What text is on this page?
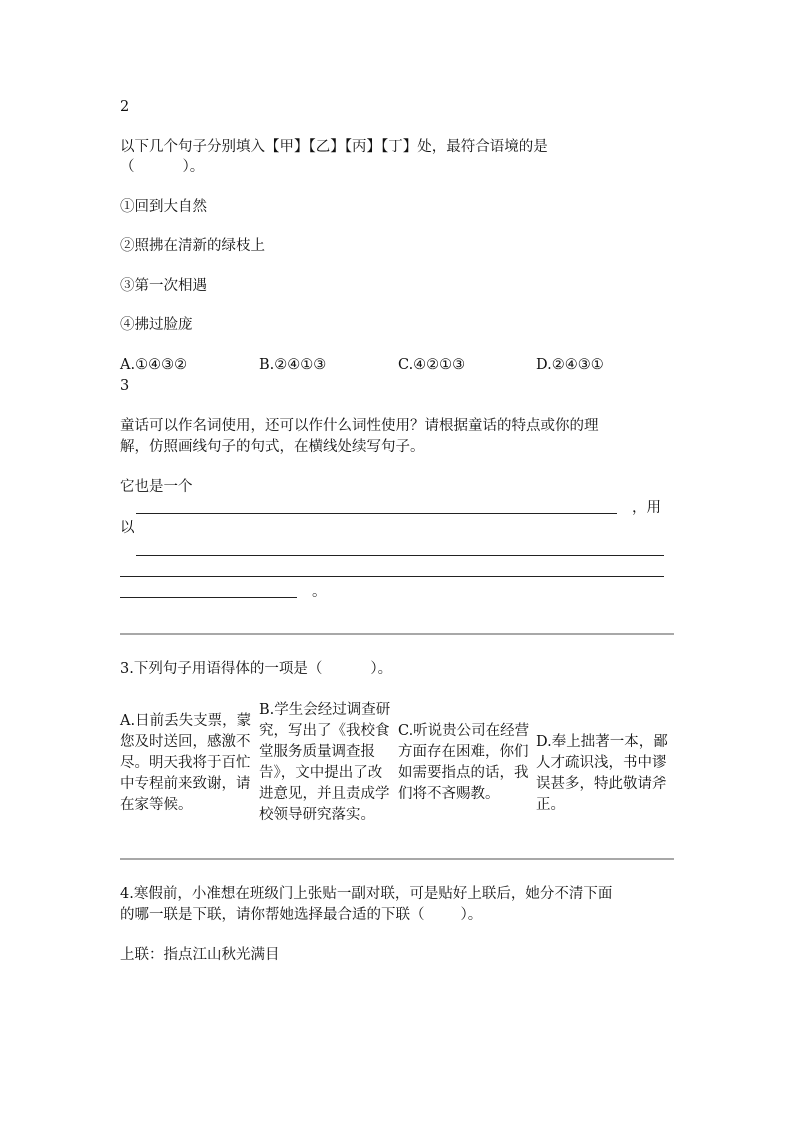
2
以下几个句子分别填入【甲】【乙】【丙】【丁】处，最符合语境的是
（	）。
①回到大自然
②照拂在清新的绿枝上
③第一次相遇
④拂过脸庞
A.①④③②	B.②④①③	C.④②①③	D.②④③①
3
童话可以作名词使用，还可以作什么词性使用？请根据童话的特点或你的理
解，仿照画线句子的句式，在横线处续写句子。
它也是一个
，用
以
。
3.下列句子用语得体的一项是（	）。
A.日前丢失支票，蒙您及时送回，感激不尽。明天我将于百忙中专程前来致谢，请在家等候。
B.学生会经过调查研究，写出了《我校食堂服务质量调查报告》，文中提出了改进意见，并且责成学校领导研究落实。
C.听说贵公司在经营方面存在困难，你们如需要指点的话，我们将不吝赐教。
D.奉上拙著一本，鄙人才疏识浅，书中谬误甚多，特此敬请斧正。
4.寒假前，小准想在班级门上张贴一副对联，可是贴好上联后，她分不清下面
的哪一联是下联，请你帮她选择最合适的下联（ ）。
上联：指点江山秋光满目
